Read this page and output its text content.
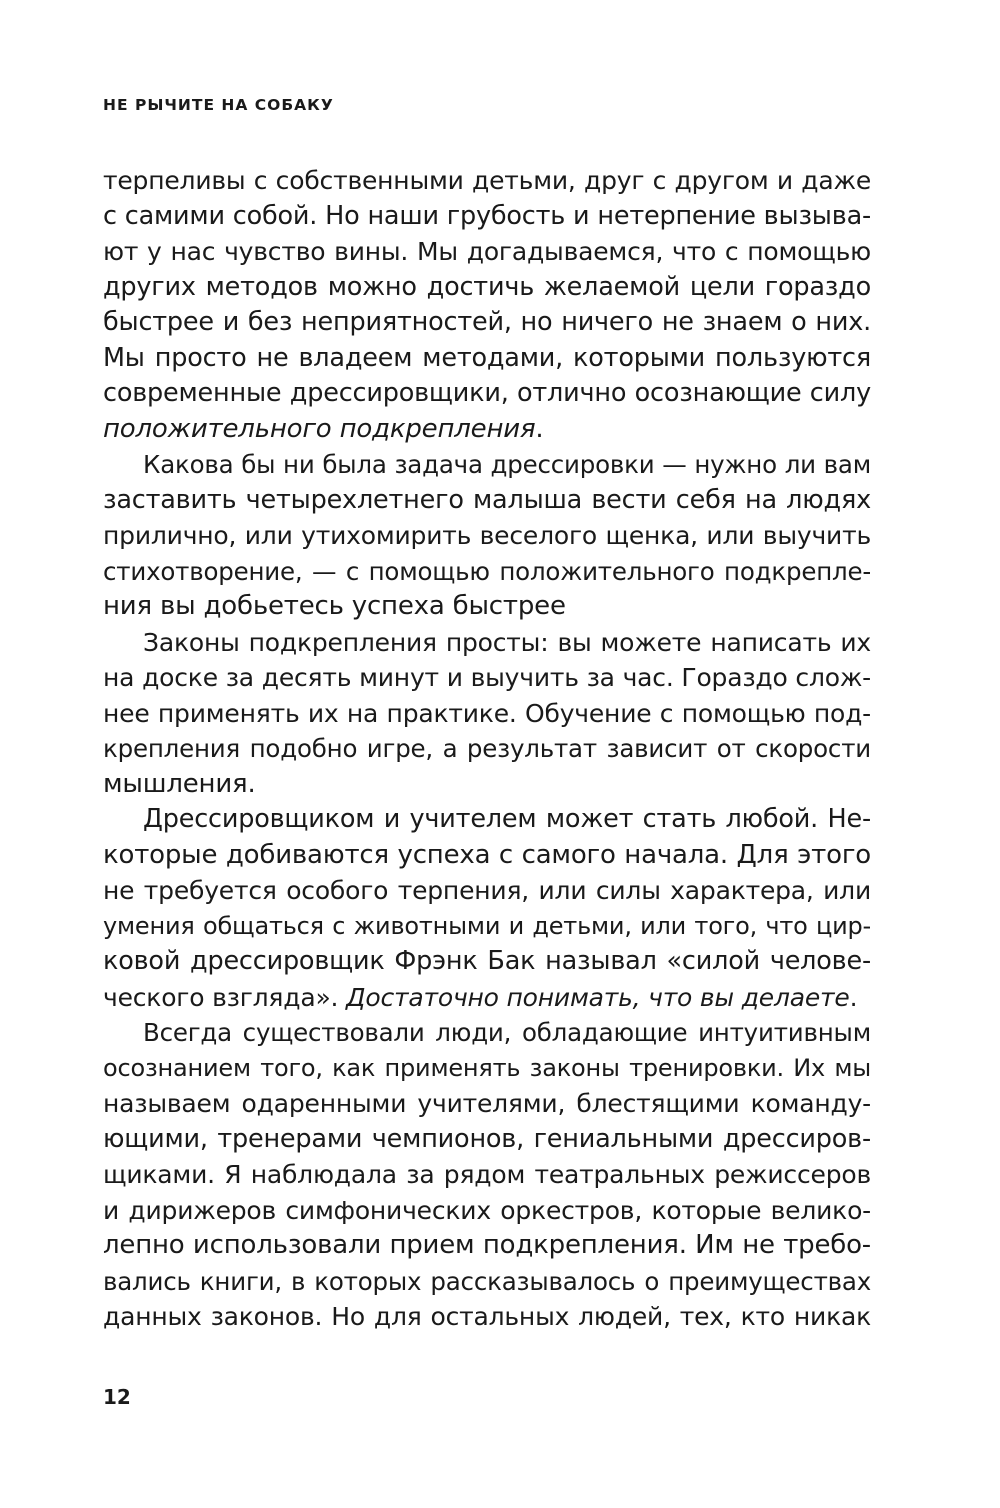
НЕ РЫЧИТЕ НА СОБАКУ
терпеливы с собственными детьми, друг с другом и даже
с самими собой. Но наши грубость и нетерпение вызыва-
ют у нас чувство вины. Мы догадываемся, что с помощью
других методов можно достичь желаемой цели гораздо
быстрее и без неприятностей, но ничего не знаем о них.
Мы просто не владеем методами, которыми пользуются
современные дрессировщики, отлично осознающие силу
положительного подкрепления.
Какова бы ни была задача дрессировки — нужно ли вам
заставить четырехлетнего малыша вести себя на людях
прилично, или утихомирить веселого щенка, или выучить
стихотворение, — с помощью положительного подкрепле-
ния вы добьетесь успеха быстрее
Законы подкрепления просты: вы можете написать их
на доске за десять минут и выучить за час. Гораздо слож-
нее применять их на практике. Обучение с помощью под-
крепления подобно игре, а результат зависит от скорости
мышления.
Дрессировщиком и учителем может стать любой. Не-
которые добиваются успеха с самого начала. Для этого
не требуется особого терпения, или силы характера, или
умения общаться с животными и детьми, или того, что цир-
ковой дрессировщик Фрэнк Бак называл «силой челове-
ческого взгляда». Достаточно понимать, что вы делаете.
Всегда существовали люди, обладающие интуитивным
осознанием того, как применять законы тренировки. Их мы
называем одаренными учителями, блестящими команду-
ющими, тренерами чемпионов, гениальными дрессиров-
щиками. Я наблюдала за рядом театральных режиссеров
и дирижеров симфонических оркестров, которые велико-
лепно использовали прием подкрепления. Им не требо-
вались книги, в которых рассказывалось о преимуществах
данных законов. Но для остальных людей, тех, кто никак
12
